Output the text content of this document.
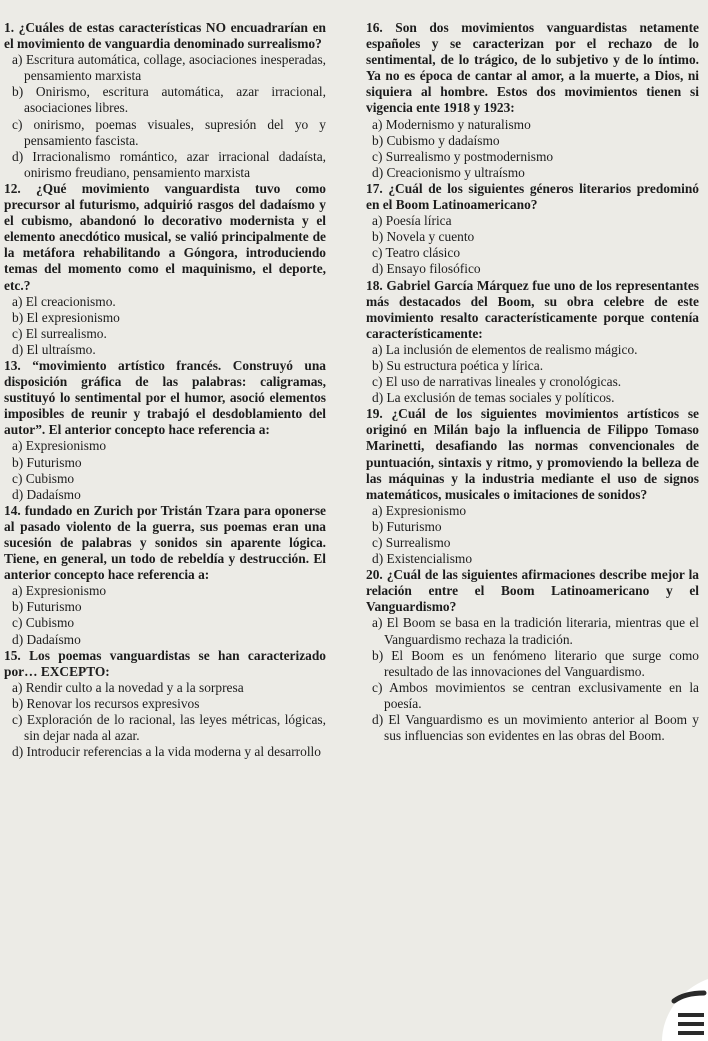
1. ¿Cuáles de estas características NO encuadrarían en el movimiento de vanguardia denominado surrealismo?

a) Escritura automática, collage, asociaciones inesperadas, pensamiento marxista

b) Onirismo, escritura automática, azar irracional, asociaciones libres.

c) onirismo, poemas visuales, supresión del yo y pensamiento fascista.

d) Irracionalismo romántico, azar irracional dadaísta, onirismo freudiano, pensamiento marxista

12. ¿Qué movimiento vanguardista tuvo como precursor al futurismo, adquirió rasgos del dadaísmo y el cubismo, abandonó lo decorativo modernista y el elemento anecdótico musical, se valió principalmente de la metáfora rehabilitando a Góngora, introduciendo temas del momento como el maquinismo, el deporte, etc.?

a) El creacionismo.

b) El expresionismo

c) El surrealismo.

d) El ultraísmo.

13. “movimiento artístico francés. Construyó una disposición gráfica de las palabras: caligramas, sustituyó lo sentimental por el humor, asoció elementos imposibles de reunir y trabajó el desdoblamiento del autor”. El anterior concepto hace referencia a:

a) Expresionismo

b) Futurismo

c) Cubismo

d) Dadaísmo

14. fundado en Zurich por Tristán Tzara para oponerse al pasado violento de la guerra, sus poemas eran una sucesión de palabras y sonidos sin aparente lógica. Tiene, en general, un todo de rebeldía y destrucción. El anterior concepto hace referencia a:

a) Expresionismo

b) Futurismo

c) Cubismo

d) Dadaísmo

15. Los poemas vanguardistas se han caracterizado por… EXCEPTO:

a) Rendir culto a la novedad y a la sorpresa

b) Renovar los recursos expresivos

c) Exploración de lo racional, las leyes métricas, lógicas, sin dejar nada al azar.

d) Introducir referencias a la vida moderna y al desarrollo

16. Son dos movimientos vanguardistas netamente españoles y se caracterizan por el rechazo de lo sentimental, de lo trágico, de lo subjetivo y de lo íntimo. Ya no es época de cantar al amor, a la muerte, a Dios, ni siquiera al hombre. Estos dos movimientos tienen si vigencia ente 1918 y 1923:

a) Modernismo y naturalismo

b) Cubismo y dadaísmo

c) Surrealismo y postmodernismo

d) Creacionismo y ultraísmo

17. ¿Cuál de los siguientes géneros literarios predominó en el Boom Latinoamericano?

a) Poesía lírica

b) Novela y cuento

c) Teatro clásico

d) Ensayo filosófico

18. Gabriel García Márquez fue uno de los representantes más destacados del Boom, su obra celebre de este movimiento resalto característicamente porque contenía característicamente:

a) La inclusión de elementos de realismo mágico.

b) Su estructura poética y lírica.

c) El uso de narrativas lineales y cronológicas.

d) La exclusión de temas sociales y políticos.

19. ¿Cuál de los siguientes movimientos artísticos se originó en Milán bajo la influencia de Filippo Tomaso Marinetti, desafiando las normas convencionales de puntuación, sintaxis y ritmo, y promoviendo la belleza de las máquinas y la industria mediante el uso de signos matemáticos, musicales o imitaciones de sonidos?

a) Expresionismo

b) Futurismo

c) Surrealismo

d) Existencialismo

20. ¿Cuál de las siguientes afirmaciones describe mejor la relación entre el Boom Latinoamericano y el Vanguardismo?

a) El Boom se basa en la tradición literaria, mientras que el Vanguardismo rechaza la tradición.

b) El Boom es un fenómeno literario que surge como resultado de las innovaciones del Vanguardismo.

c) Ambos movimientos se centran exclusivamente en la poesía.

d) El Vanguardismo es un movimiento anterior al Boom y sus influencias son evidentes en las obras del Boom.
